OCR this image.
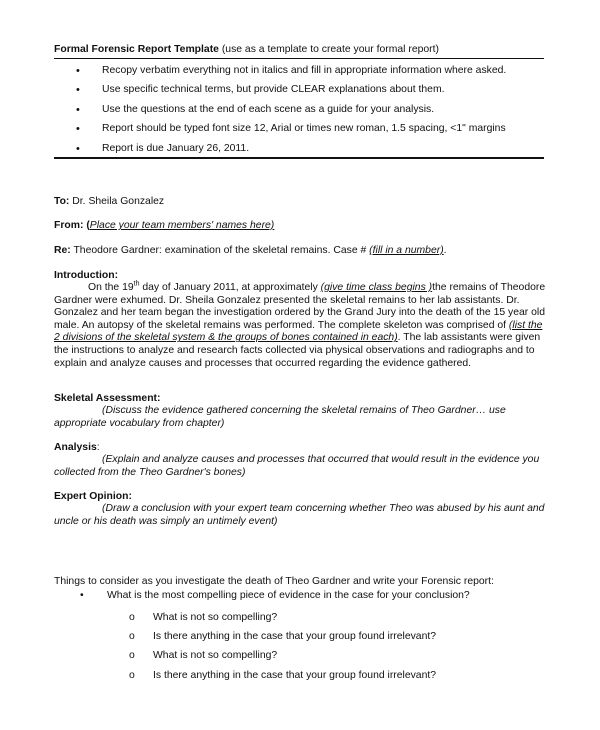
Formal Forensic Report Template (use as a template to create your formal report)
• Recopy verbatim everything not in italics and fill in appropriate information where asked.
• Use specific technical terms, but provide CLEAR explanations about them.
• Use the questions at the end of each scene as a guide for your analysis.
• Report should be typed font size 12, Arial or times new roman, 1.5 spacing, <1" margins
• Report is due January 26, 2011.
To: Dr. Sheila Gonzalez
From: (Place your team members' names here)
Re: Theodore Gardner: examination of the skeletal remains. Case # (fill in a number).
Introduction:
On the 19th day of January 2011, at approximately (give time class begins )the remains of Theodore Gardner were exhumed. Dr. Sheila Gonzalez presented the skeletal remains to her lab assistants. Dr. Gonzalez and her team began the investigation ordered by the Grand Jury into the death of the 15 year old male. An autopsy of the skeletal remains was performed. The complete skeleton was comprised of (list the 2 divisions of the skeletal system & the groups of bones contained in each). The lab assistants were given the instructions to analyze and research facts collected via physical observations and radiographs and to explain and analyze causes and processes that occurred regarding the evidence gathered.
Skeletal Assessment:
(Discuss the evidence gathered concerning the skeletal remains of Theo Gardner… use appropriate vocabulary from chapter)
Analysis:
(Explain and analyze causes and processes that occurred that would result in the evidence you collected from the Theo Gardner's bones)
Expert Opinion:
(Draw a conclusion with your expert team concerning whether Theo was abused by his aunt and uncle or his death was simply an untimely event)
Things to consider as you investigate the death of Theo Gardner and write your Forensic report:
• What is the most compelling piece of evidence in the case for your conclusion?
o What is not so compelling?
o Is there anything in the case that your group found irrelevant?
o What is not so compelling?
o Is there anything in the case that your group found irrelevant?
